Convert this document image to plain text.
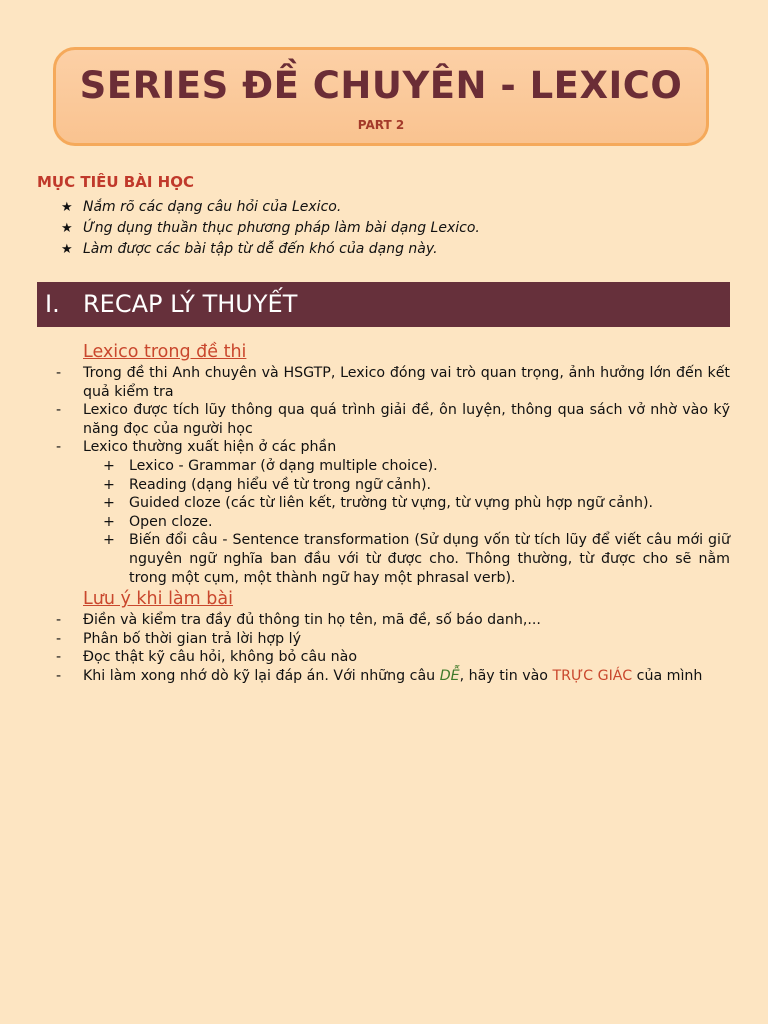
SERIES ĐỀ CHUYÊN - LEXICO
PART 2
MỤC TIÊU BÀI HỌC
★ Nắm rõ các dạng câu hỏi của Lexico.
★ Ứng dụng thuần thục phương pháp làm bài dạng Lexico.
★ Làm được các bài tập từ dễ đến khó của dạng này.
I. RECAP LÝ THUYẾT
Lexico trong đề thi
- Trong đề thi Anh chuyên và HSGTP, Lexico đóng vai trò quan trọng, ảnh hưởng lớn đến kết quả kiểm tra
- Lexico được tích lũy thông qua quá trình giải đề, ôn luyện, thông qua sách vở nhờ vào kỹ năng đọc của người học
- Lexico thường xuất hiện ở các phần
+ Lexico - Grammar (ở dạng multiple choice).
+ Reading (dạng hiểu về từ trong ngữ cảnh).
+ Guided cloze (các từ liên kết, trường từ vựng, từ vựng phù hợp ngữ cảnh).
+ Open cloze.
+ Biến đổi câu - Sentence transformation (Sử dụng vốn từ tích lũy để viết câu mới giữ nguyên ngữ nghĩa ban đầu với từ được cho. Thông thường, từ được cho sẽ nằm trong một cụm, một thành ngữ hay một phrasal verb).
Lưu ý khi làm bài
- Điền và kiểm tra đầy đủ thông tin họ tên, mã đề, số báo danh,...
- Phân bố thời gian trả lời hợp lý
- Đọc thật kỹ câu hỏi, không bỏ câu nào
- Khi làm xong nhớ dò kỹ lại đáp án. Với những câu DỄ, hãy tin vào TRỰC GIÁC của mình
